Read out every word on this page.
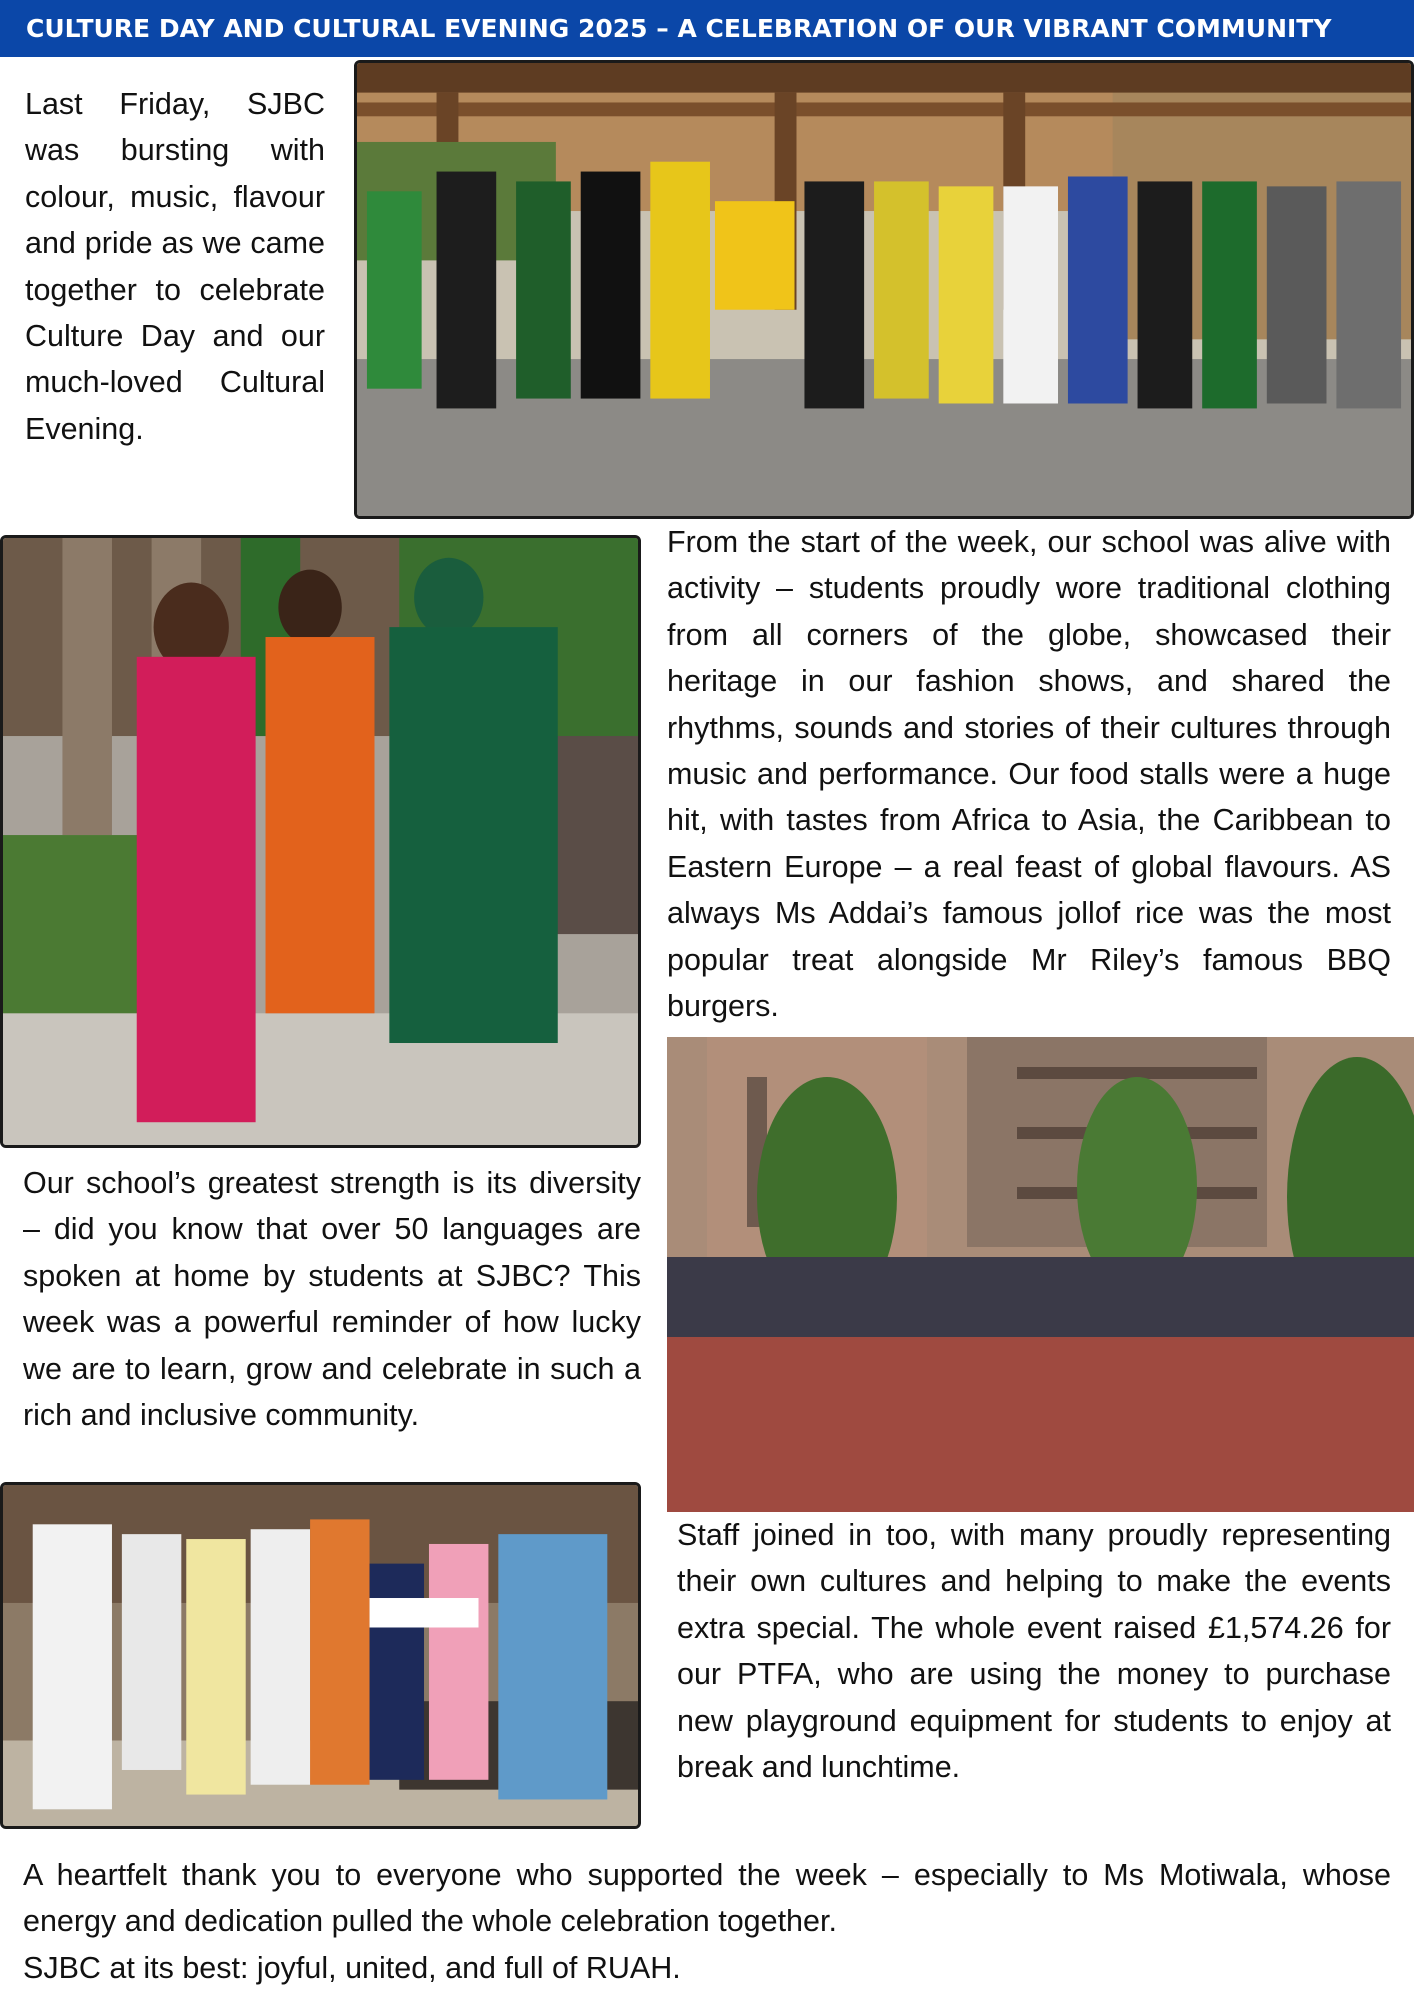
CULTURE DAY AND CULTURAL EVENING 2025 – A CELEBRATION OF OUR VIBRANT COMMUNITY

Last Friday, SJBC was bursting with colour, music, flavour and pride as we came together to celebrate Culture Day and our much-loved Cultural Evening.

From the start of the week, our school was alive with activity – students proudly wore traditional clothing from all corners of the globe, showcased their heritage in our fashion shows, and shared the rhythms, sounds and stories of their cultures through music and performance. Our food stalls were a huge hit, with tastes from Africa to Asia, the Caribbean to Eastern Europe – a real feast of global flavours. AS always Ms Addai’s famous jollof rice was the most popular treat alongside Mr Riley’s famous BBQ burgers.

Our school’s greatest strength is its diversity – did you know that over 50 languages are spoken at home by students at SJBC? This week was a powerful reminder of how lucky we are to learn, grow and celebrate in such a rich and inclusive community.

Staff joined in too, with many proudly representing their own cultures and helping to make the events extra special. The whole event raised £1,574.26 for our PTFA, who are using the money to purchase new playground equipment for students to enjoy at break and lunchtime.

A heartfelt thank you to everyone who supported the week – especially to Ms Motiwala, whose energy and dedication pulled the whole celebration together.

SJBC at its best: joyful, united, and full of RUAH.
